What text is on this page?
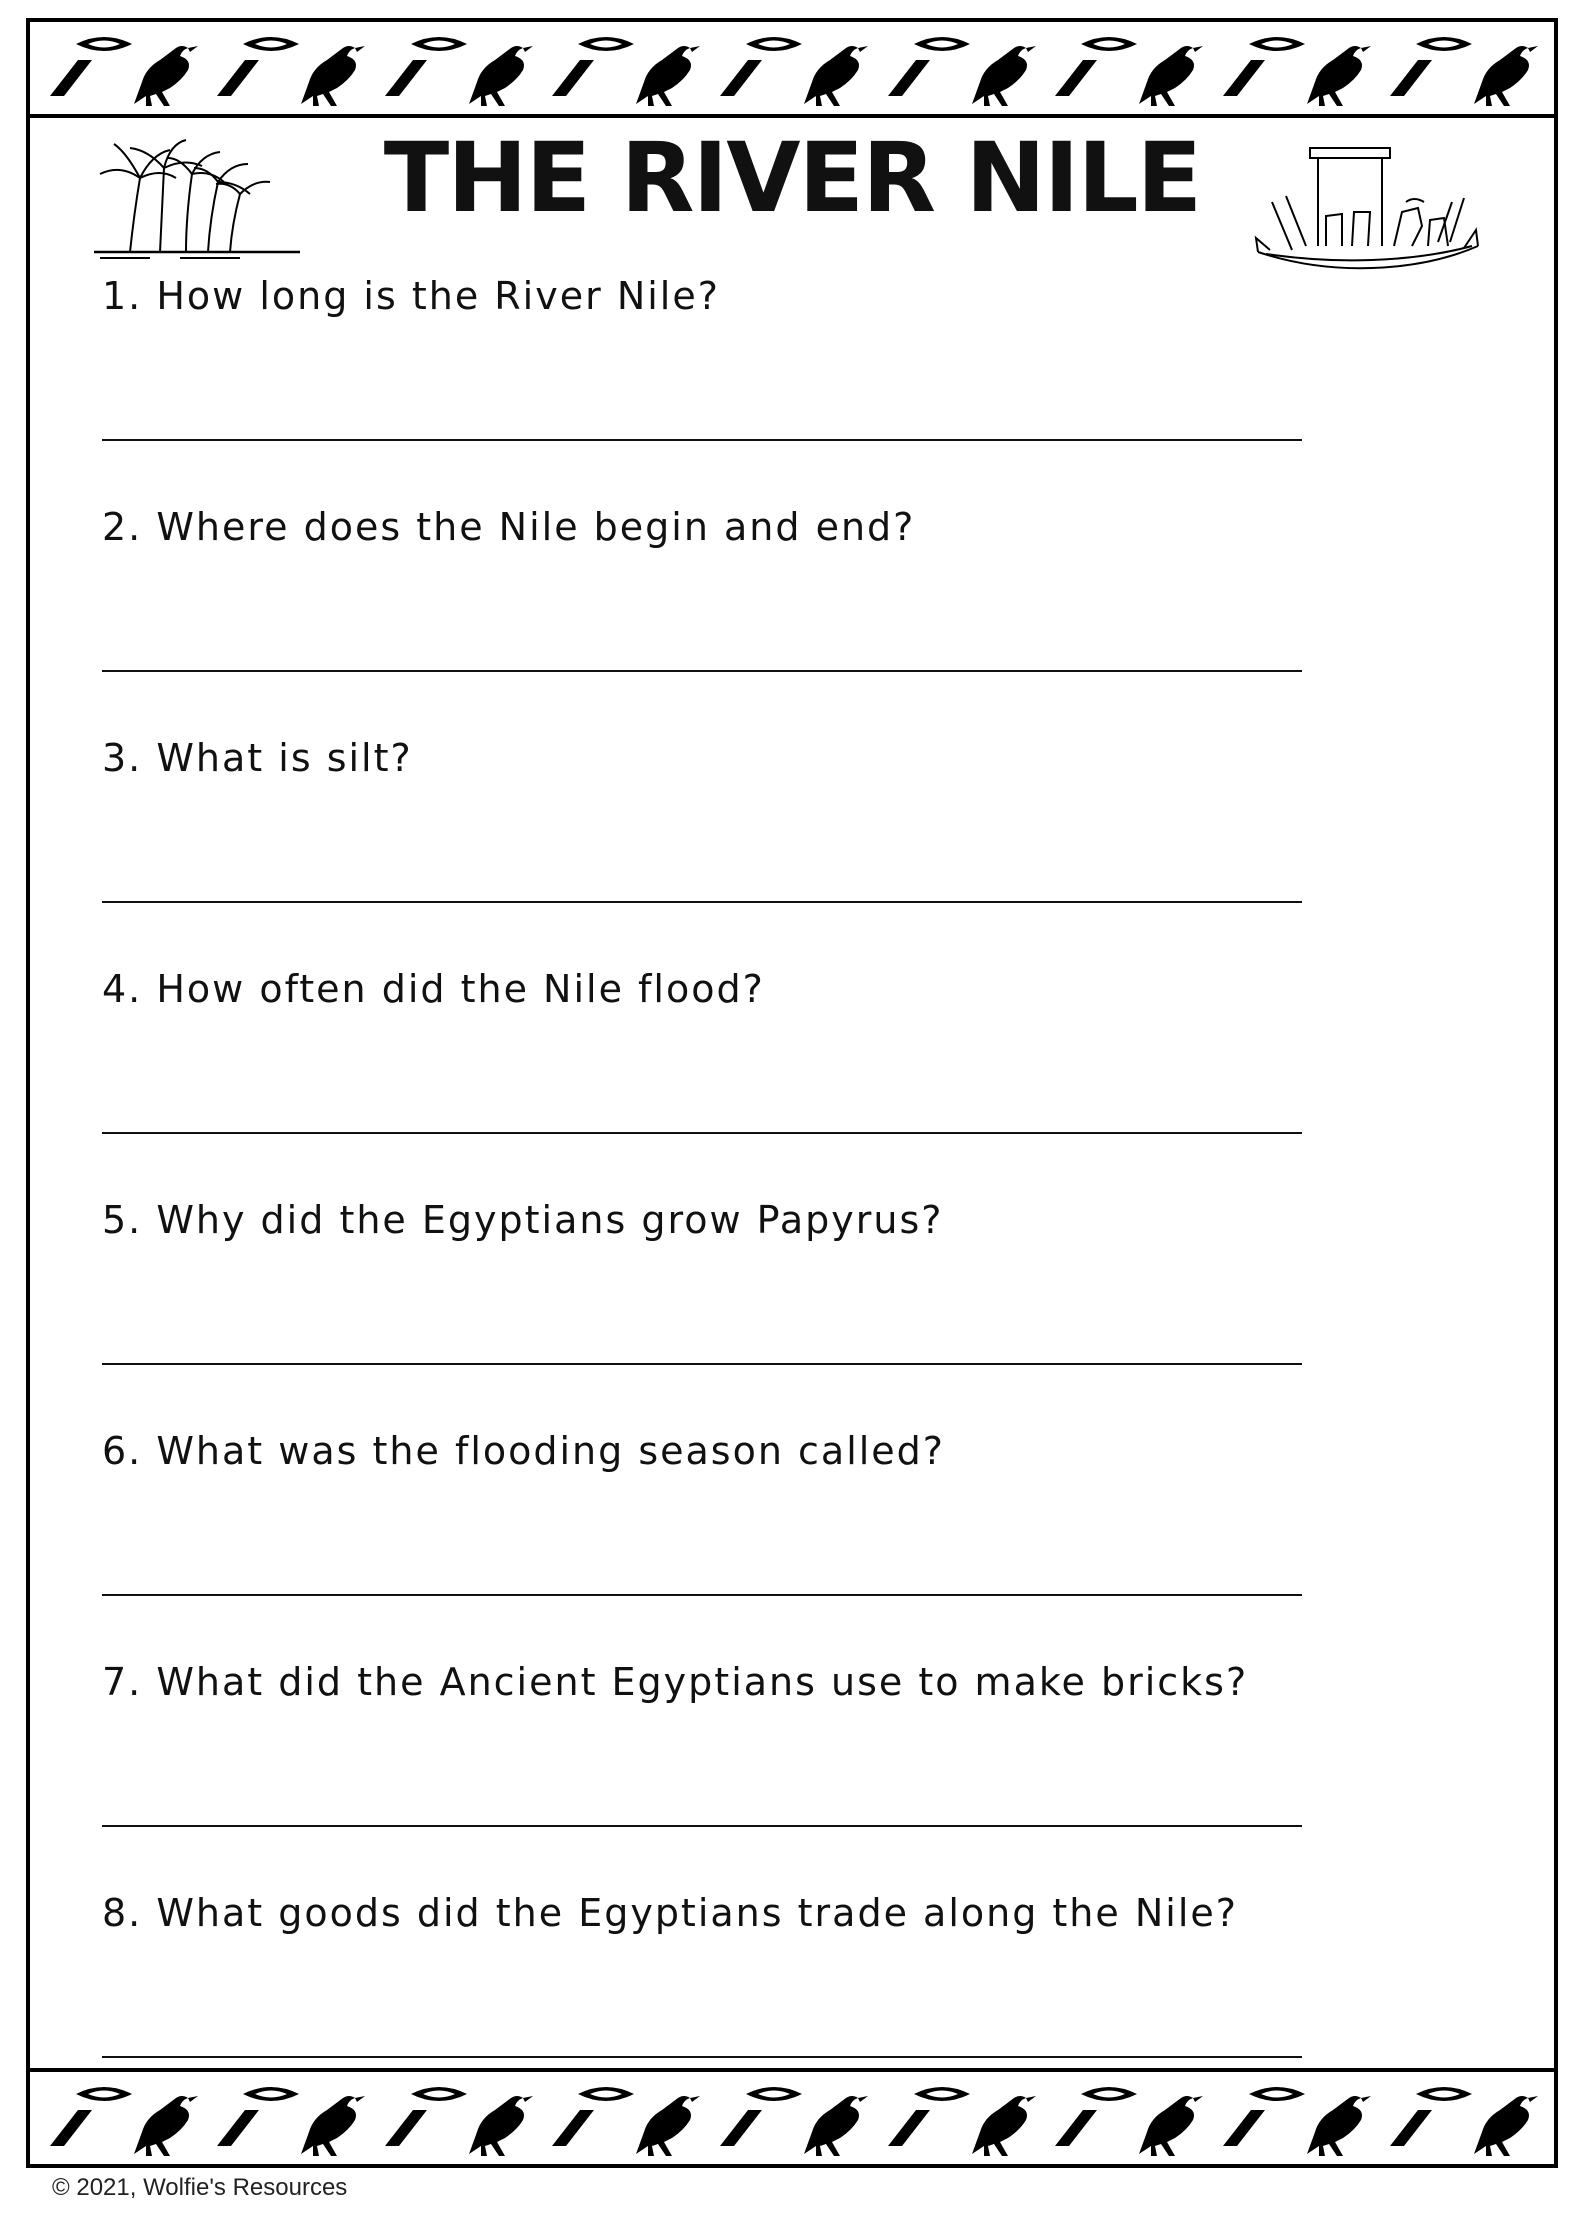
THE RIVER NILE
1. How long is the River Nile?
2. Where does the Nile begin and end?
3. What is silt?
4. How often did the Nile flood?
5. Why did the Egyptians grow Papyrus?
6. What was the flooding season called?
7. What did the Ancient Egyptians use to make bricks?
8. What goods did the Egyptians trade along the Nile?
© 2021, Wolfie's Resources
